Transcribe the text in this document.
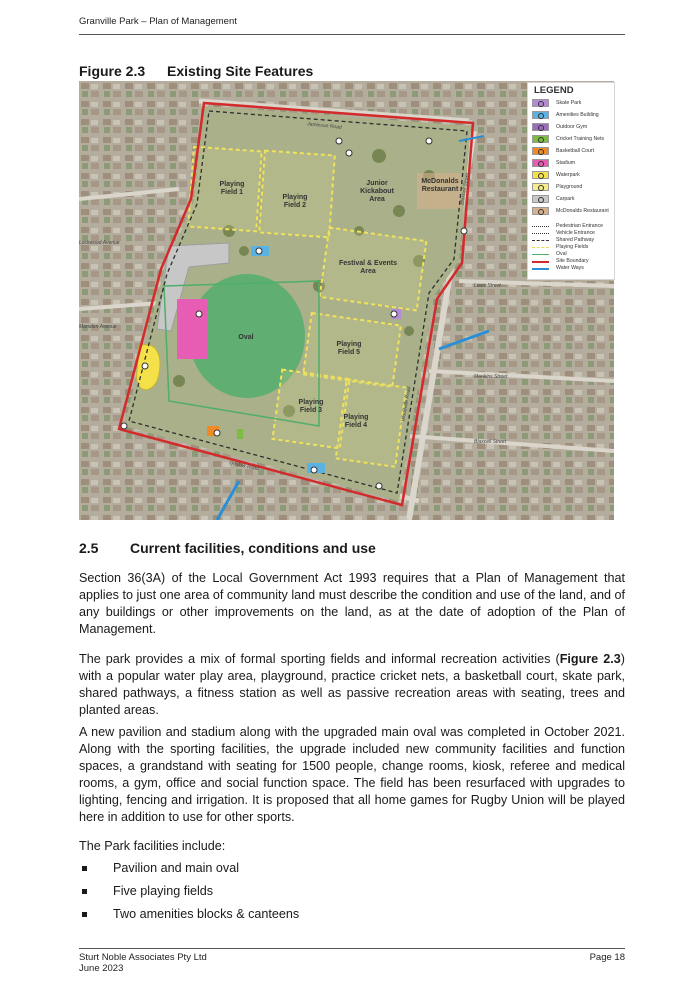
Granville Park – Plan of Management
Figure 2.3 Existing Site Features
Playing Field 1
Playing Field 2
Junior Kickabout Area
McDonalds Restaurant
Festival & Events Area
Oval
Playing Field 5
Playing Field 3
Playing Field 4
Jamieson Road
Louis Street
Mankins Street
Woodville Road
Blaxcell Street
Blaxcell Street
Onslow Road
Lockwood Avenue
Marsden Avenue
LEGEND
Skate Park
Amenities Building
Outdoor Gym
Cricket Training Nets
Basketball Court
Stadium
Waterpark
Playground
Carpark
McDonalds Restaurant
Pedestrian Entrance
Vehicle Entrance
Shared Pathway
Playing Fields
Oval
Site Boundary
Water Ways
2.5 Current facilities, conditions and use
Section 36(3A) of the Local Government Act 1993 requires that a Plan of Management that applies to just one area of community land must describe the condition and use of the land, and of any buildings or other improvements on the land, as at the date of adoption of the Plan of Management.
The park provides a mix of formal sporting fields and informal recreation activities (Figure 2.3) with a popular water play area, playground, practice cricket nets, a basketball court, skate park, shared pathways, a fitness station as well as passive recreation areas with seating, trees and planted areas.
A new pavilion and stadium along with the upgraded main oval was completed in October 2021. Along with the sporting facilities, the upgrade included new community facilities and function spaces, a grandstand with seating for 1500 people, change rooms, kiosk, referee and medical rooms, a gym, office and social function space. The field has been resurfaced with upgrades to lighting, fencing and irrigation. It is proposed that all home games for Rugby Union will be played here in addition to use for other sports.
The Park facilities include:
Pavilion and main oval
Five playing fields
Two amenities blocks & canteens
Sturt Noble Associates Pty Ltd
June 2023
Page 18
